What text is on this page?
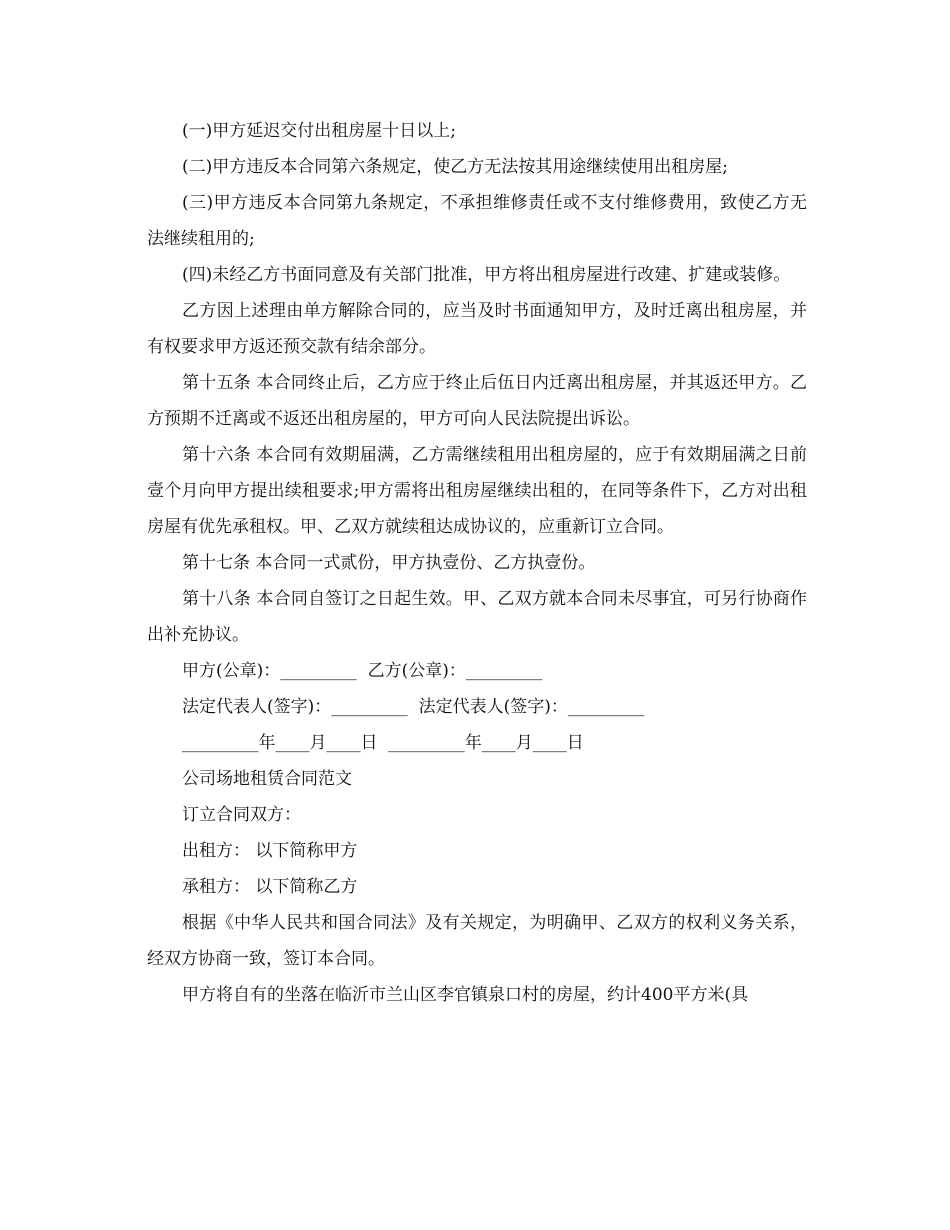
(一)甲方延迟交付出租房屋十日以上;

(二)甲方违反本合同第六条规定，使乙方无法按其用途继续使用出租房屋;

(三)甲方违反本合同第九条规定，不承担维修责任或不支付维修费用，致使乙方无法继续租用的;

(四)未经乙方书面同意及有关部门批准，甲方将出租房屋进行改建、扩建或装修。

乙方因上述理由单方解除合同的，应当及时书面通知甲方，及时迁离出租房屋，并有权要求甲方返还预交款有结余部分。

第十五条 本合同终止后，乙方应于终止后伍日内迁离出租房屋，并其返还甲方。乙方预期不迁离或不返还出租房屋的，甲方可向人民法院提出诉讼。

第十六条 本合同有效期届满，乙方需继续租用出租房屋的，应于有效期届满之日前壹个月向甲方提出续租要求;甲方需将出租房屋继续出租的，在同等条件下，乙方对出租房屋有优先承租权。甲、乙双方就续租达成协议的，应重新订立合同。

第十七条 本合同一式贰份，甲方执壹份、乙方执壹份。

第十八条 本合同自签订之日起生效。甲、乙双方就本合同未尽事宜，可另行协商作出补充协议。

甲方(公章)：_________  乙方(公章)：_________

法定代表人(签字)：_________  法定代表人(签字)：_________

_________年____月____日  _________年____月____日

公司场地租赁合同范文

订立合同双方：

出租方： 以下简称甲方

承租方： 以下简称乙方

根据《中华人民共和国合同法》及有关规定，为明确甲、乙双方的权利义务关系，经双方协商一致，签订本合同。

甲方将自有的坐落在临沂市兰山区李官镇泉口村的房屋，约计400平方米(具
